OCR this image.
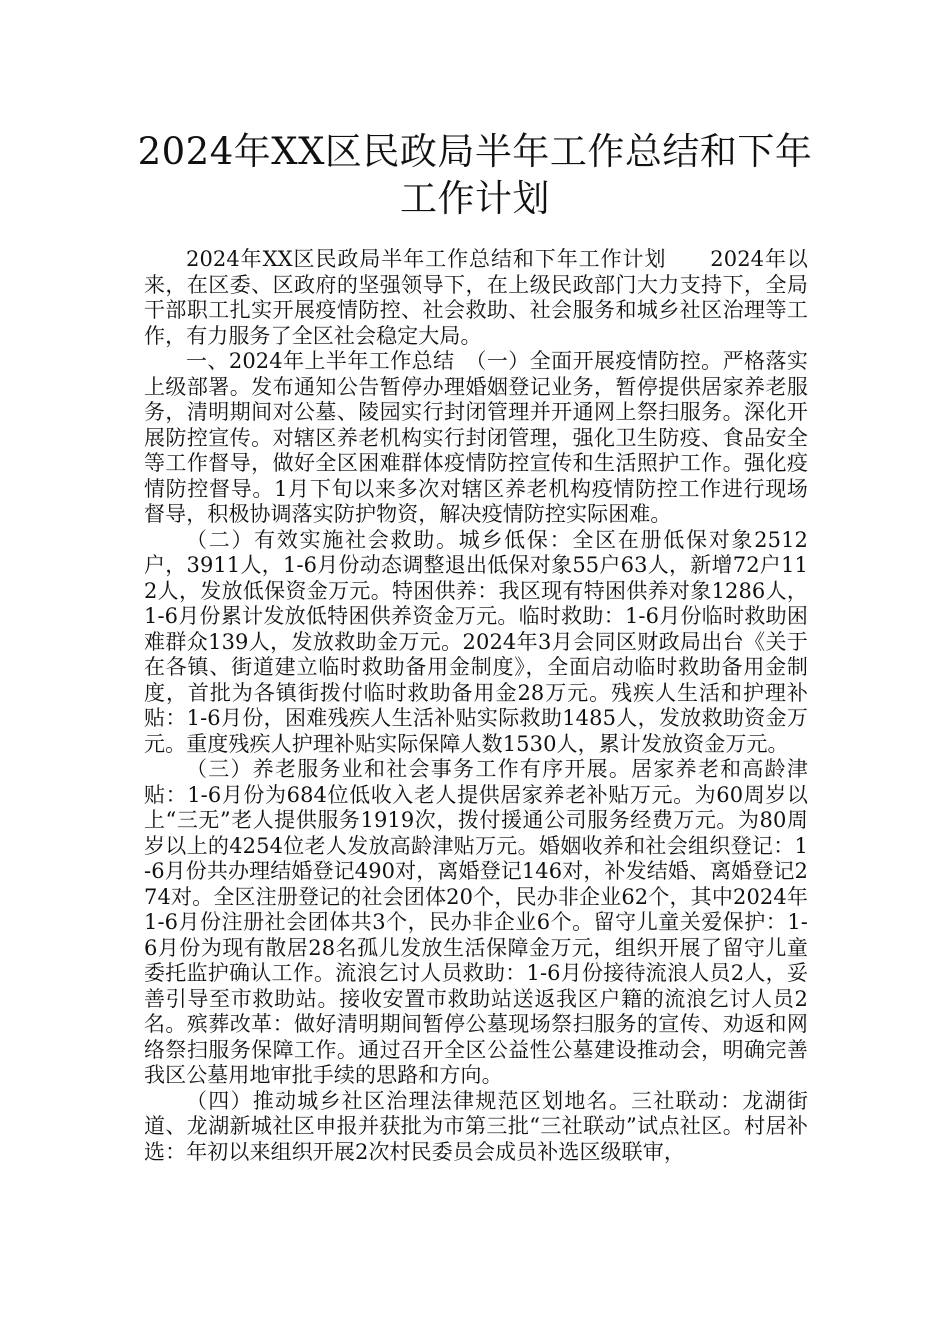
2024年XX区民政局半年工作总结和下年工作计划

2024年XX区民政局半年工作总结和下年工作计划　　2024年以来，在区委、区政府的坚强领导下，在上级民政部门大力支持下，全局干部职工扎实开展疫情防控、社会救助、社会服务和城乡社区治理等工作，有力服务了全区社会稳定大局。

一、2024年上半年工作总结　（一）全面开展疫情防控。严格落实上级部署。发布通知公告暂停办理婚姻登记业务，暂停提供居家养老服务，清明期间对公墓、陵园实行封闭管理并开通网上祭扫服务。深化开展防控宣传。对辖区养老机构实行封闭管理，强化卫生防疫、食品安全等工作督导，做好全区困难群体疫情防控宣传和生活照护工作。强化疫情防控督导。1月下旬以来多次对辖区养老机构疫情防控工作进行现场督导，积极协调落实防护物资，解决疫情防控实际困难。

（二）有效实施社会救助。城乡低保：全区在册低保对象2512户，3911人，1-6月份动态调整退出低保对象55户63人，新增72户112人，发放低保资金万元。特困供养：我区现有特困供养对象1286人，1-6月份累计发放低特困供养资金万元。临时救助：1-6月份临时救助困难群众139人，发放救助金万元。2024年3月会同区财政局出台《关于在各镇、街道建立临时救助备用金制度》，全面启动临时救助备用金制度，首批为各镇街拨付临时救助备用金28万元。残疾人生活和护理补贴：1-6月份，困难残疾人生活补贴实际救助1485人，发放救助资金万元。重度残疾人护理补贴实际保障人数1530人，累计发放资金万元。

（三）养老服务业和社会事务工作有序开展。居家养老和高龄津贴：1-6月份为684位低收入老人提供居家养老补贴万元。为60周岁以上“三无”老人提供服务1919次，拨付援通公司服务经费万元。为80周岁以上的4254位老人发放高龄津贴万元。婚姻收养和社会组织登记：1-6月份共办理结婚登记490对，离婚登记146对，补发结婚、离婚登记274对。全区注册登记的社会团体20个，民办非企业62个，其中2024年1-6月份注册社会团体共3个，民办非企业6个。留守儿童关爱保护：1-6月份为现有散居28名孤儿发放生活保障金万元，组织开展了留守儿童委托监护确认工作。流浪乞讨人员救助：1-6月份接待流浪人员2人，妥善引导至市救助站。接收安置市救助站送返我区户籍的流浪乞讨人员2名。殡葬改革：做好清明期间暂停公墓现场祭扫服务的宣传、劝返和网络祭扫服务保障工作。通过召开全区公益性公墓建设推动会，明确完善我区公墓用地审批手续的思路和方向。

（四）推动城乡社区治理法律规范区划地名。三社联动：龙湖街道、龙湖新城社区申报并获批为市第三批“三社联动”试点社区。村居补选：年初以来组织开展2次村民委员会成员补选区级联审，
